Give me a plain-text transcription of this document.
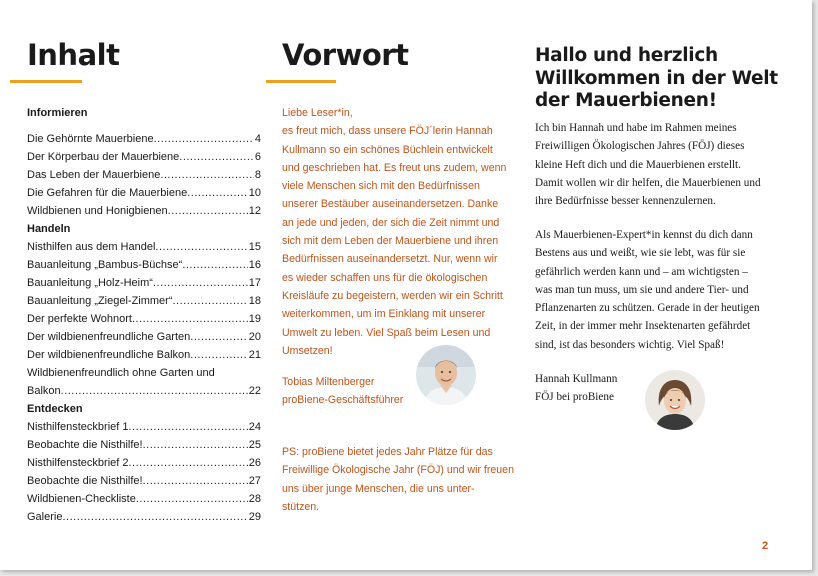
Inhalt
Informieren
Die Gehörnte Mauerbiene .....	4
Der Körperbau der Mauerbiene .....	6
Das Leben der Mauerbiene .....	8
Die Gefahren für die Mauerbiene .....	10
Wildbienen und Honigbienen .....	12
Handeln
Nisthilfen aus dem Handel .....	15
Bauanleitung „Bambus-Büchse“ .....	16
Bauanleitung „Holz-Heim“ .....	17
Bauanleitung „Ziegel-Zimmer“ .....	18
Der perfekte Wohnort .....	19
Der wildbienenfreundliche Garten .....	20
Der wildbienenfreundliche Balkon .....	21
Wildbienenfreundlich ohne Garten und
Balkon .....	22
Entdecken
Nisthilfensteckbrief 1 .....	24
Beobachte die Nisthilfe! .....	25
Nisthilfensteckbrief 2 .....	26
Beobachte die Nisthilfe! .....	27
Wildbienen-Checkliste .....	28
Galerie .....	29
Vorwort
Liebe Leser*in,
es freut mich, dass unsere FÖJ´lerin Hannah
Kullmann so ein schönes Büchlein entwickelt
und geschrieben hat. Es freut uns zudem, wenn
viele Menschen sich mit den Bedürfnissen
unserer Bestäuber auseinandersetzen. Danke
an jede und jeden, der sich die Zeit nimmt und
sich mit dem Leben der Mauerbiene und ihren
Bedürfnissen auseinandersetzt. Nur, wenn wir
es wieder schaffen uns für die ökologischen
Kreisläufe zu begeistern, werden wir ein Schritt
weiterkommen, um im Einklang mit unserer
Umwelt zu leben. Viel Spaß beim Lesen und
Umsetzen!
Tobias Miltenberger
proBiene-Geschäftsführer
PS: proBiene bietet jedes Jahr Plätze für das
Freiwillige Ökologische Jahr (FÖJ) und wir freuen
uns über junge Menschen, die uns unter-
stützen.
Hallo und herzlich
Willkommen in der Welt
der Mauerbienen!
Ich bin Hannah und habe im Rahmen meines
Freiwilligen Ökologischen Jahres (FÖJ) dieses
kleine Heft dich und die Mauerbienen erstellt.
Damit wollen wir dir helfen, die Mauerbienen und
ihre Bedürfnisse besser kennenzulernen.
Als Mauerbienen-Expert*in kennst du dich dann
Bestens aus und weißt, wie sie lebt, was für sie
gefährlich werden kann und – am wichtigsten –
was man tun muss, um sie und andere Tier- und
Pflanzenarten zu schützen. Gerade in der heutigen
Zeit, in der immer mehr Insektenarten gefährdet
sind, ist das besonders wichtig. Viel Spaß!
Hannah Kullmann
FÖJ bei proBiene
2
